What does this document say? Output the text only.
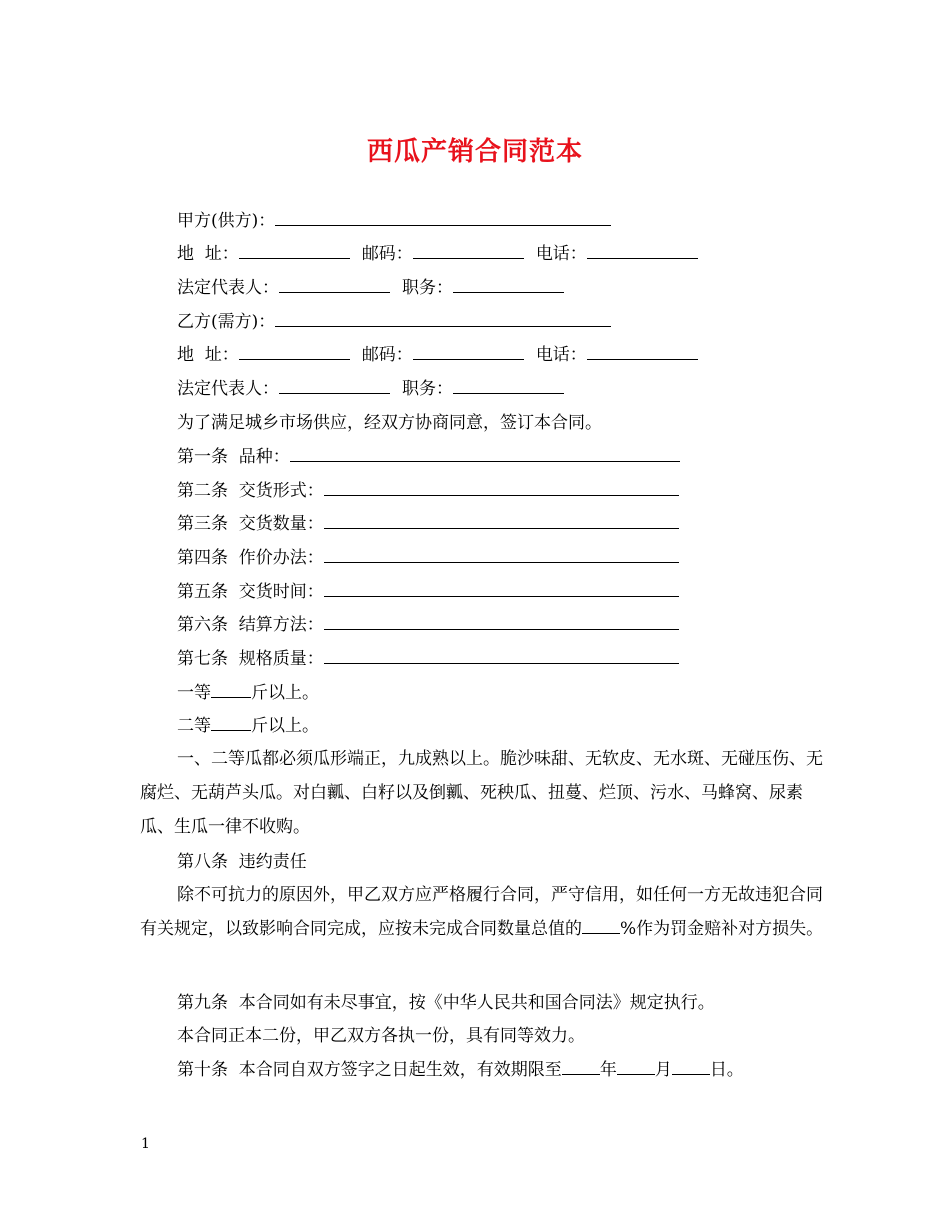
西瓜产销合同范本
甲方(供方)：
地  址：	邮码：	电话：
法定代表人：	职务：
乙方(需方)：
地  址：	邮码：	电话：
法定代表人：	职务：
为了满足城乡市场供应，经双方协商同意，签订本合同。
第一条  品种：
第二条  交货形式：
第三条  交货数量：
第四条  作价办法：
第五条  交货时间：
第六条  结算方法：
第七条  规格质量：
一等 斤以上。
二等 斤以上。
一、二等瓜都必须瓜形端正，九成熟以上。脆沙味甜、无软皮、无水斑、无碰压伤、无腐烂、无葫芦头瓜。对白瓤、白籽以及倒瓤、死秧瓜、扭蔓、烂顶、污水、马蜂窝、尿素瓜、生瓜一律不收购。
第八条  违约责任
除不可抗力的原因外，甲乙双方应严格履行合同，严守信用，如任何一方无故违犯合同有关规定，以致影响合同完成，应按未完成合同数量总值的 %作为罚金赔补对方损失。
第九条  本合同如有未尽事宜，按《中华人民共和国合同法》规定执行。
本合同正本二份，甲乙双方各执一份，具有同等效力。
第十条  本合同自双方签字之日起生效，有效期限至 年 月 日。
1
